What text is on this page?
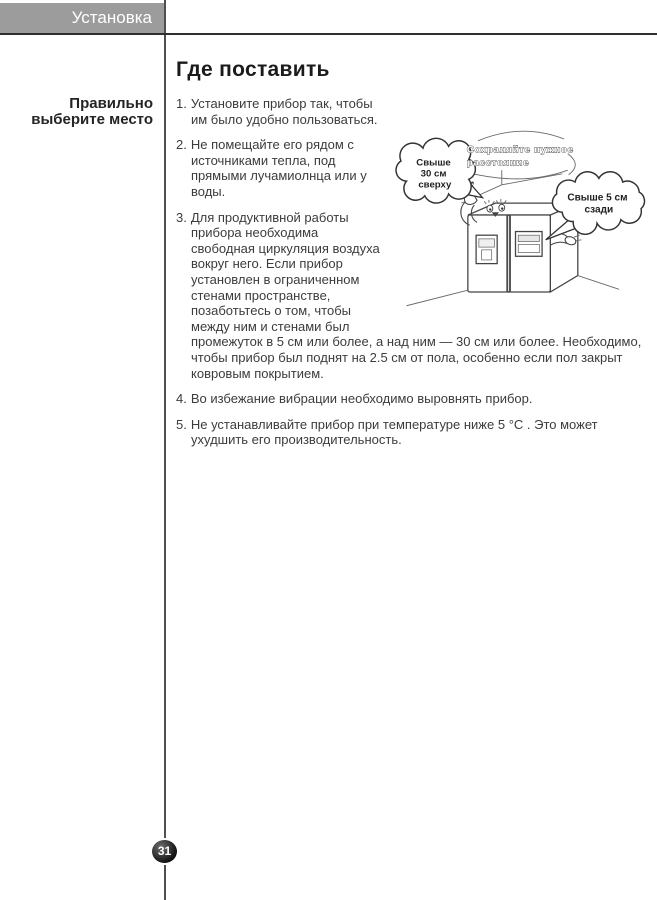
Установка
Правильно
выберите место
Где поставить
Свыше 30 см сверху
Свыше 5 см сзади
Сохраняйте нужное расстояние
1. Установите прибор так, чтобы им было удобно пользоваться.
2. Не помещайте его рядом с источниками тепла, под прямыми лучамиолнца или у воды.
3. Для продуктивной работы прибора необходима свободная циркуляция воздуха вокруг него. Если прибор установлен в ограниченном стенами пространстве, позаботьтесь о том, чтобы между ним и стенами был промежуток в 5 см или более, а над ним — 30 см или более. Необходимо, чтобы прибор был поднят на 2.5 см от пола, особенно если пол закрыт ковровым покрытием.
4. Во избежание вибрации необходимо выровнять прибор.
5. Не устанавливайте прибор при температуре ниже 5 °C . Это может ухудшить его производительность.
31
